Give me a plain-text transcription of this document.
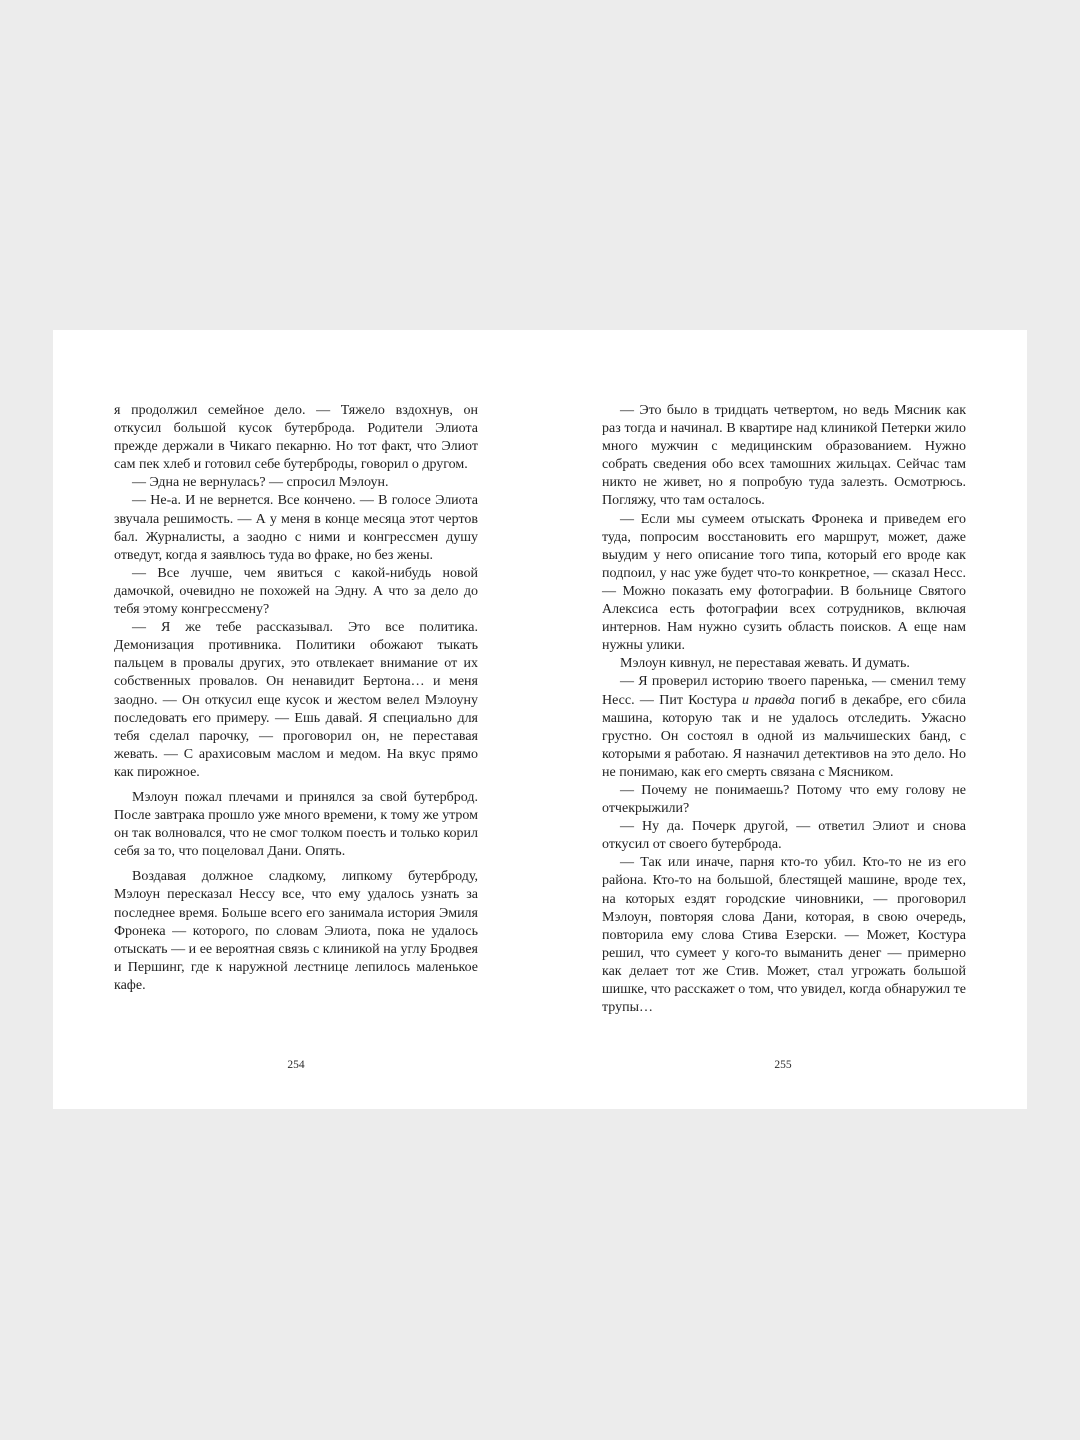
я продолжил семейное дело. — Тяжело вздохнув, он откусил большой кусок бутерброда. Родители Элиота прежде держали в Чикаго пекарню. Но тот факт, что Элиот сам пек хлеб и готовил себе бутерброды, говорил о другом.

— Эдна не вернулась? — спросил Мэлоун.

— Не-а. И не вернется. Все кончено. — В голосе Элиота звучала решимость. — А у меня в конце месяца этот чертов бал. Журналисты, а заодно с ними и конгрессмен душу отведут, когда я заявлюсь туда во фраке, но без жены.

— Все лучше, чем явиться с какой-нибудь новой дамочкой, очевидно не похожей на Эдну. А что за дело до тебя этому конгрессмену?

— Я же тебе рассказывал. Это все политика. Демонизация противника. Политики обожают тыкать пальцем в провалы других, это отвлекает внимание от их собственных провалов. Он ненавидит Бертона… и меня заодно. — Он откусил еще кусок и жестом велел Мэлоуну последовать его примеру. — Ешь давай. Я специально для тебя сделал парочку, — проговорил он, не переставая жевать. — С арахисовым маслом и медом. На вкус прямо как пирожное.

Мэлоун пожал плечами и принялся за свой бутерброд. После завтрака прошло уже много времени, к тому же утром он так волновался, что не смог толком поесть и только корил себя за то, что поцеловал Дани. Опять.

Воздавая должное сладкому, липкому бутерброду, Мэлоун пересказал Нессу все, что ему удалось узнать за последнее время. Больше всего его занимала история Эмиля Фронека — которого, по словам Элиота, пока не удалось отыскать — и ее вероятная связь с клиникой на углу Бродвея и Першинг, где к наружной лестнице лепилось маленькое кафе.

— Это было в тридцать четвертом, но ведь Мясник как раз тогда и начинал. В квартире над клиникой Петерки жило много мужчин с медицинским образованием. Нужно собрать сведения обо всех тамошних жильцах. Сейчас там никто не живет, но я попробую туда залезть. Осмотрюсь. Погляжу, что там осталось.

— Если мы сумеем отыскать Фронека и приведем его туда, попросим восстановить его маршрут, может, даже выудим у него описание того типа, который его вроде как подпоил, у нас уже будет что-то конкретное, — сказал Несс. — Можно показать ему фотографии. В больнице Святого Алексиса есть фотографии всех сотрудников, включая интернов. Нам нужно сузить область поисков. А еще нам нужны улики.

Мэлоун кивнул, не переставая жевать. И думать.

— Я проверил историю твоего паренька, — сменил тему Несс. — Пит Костура и правда погиб в декабре, его сбила машина, которую так и не удалось отследить. Ужасно грустно. Он состоял в одной из мальчишеских банд, с которыми я работаю. Я назначил детективов на это дело. Но не понимаю, как его смерть связана с Мясником.

— Почему не понимаешь? Потому что ему голову не отчекрыжили?

— Ну да. Почерк другой, — ответил Элиот и снова откусил от своего бутерброда.

— Так или иначе, парня кто-то убил. Кто-то не из его района. Кто-то на большой, блестящей машине, вроде тех, на которых ездят городские чиновники, — проговорил Мэлоун, повторяя слова Дани, которая, в свою очередь, повторила ему слова Стива Езерски. — Может, Костура решил, что сумеет у кого-то выманить денег — примерно как делает тот же Стив. Может, стал угрожать большой шишке, что расскажет о том, что увидел, когда обнаружил те трупы…

254	255
